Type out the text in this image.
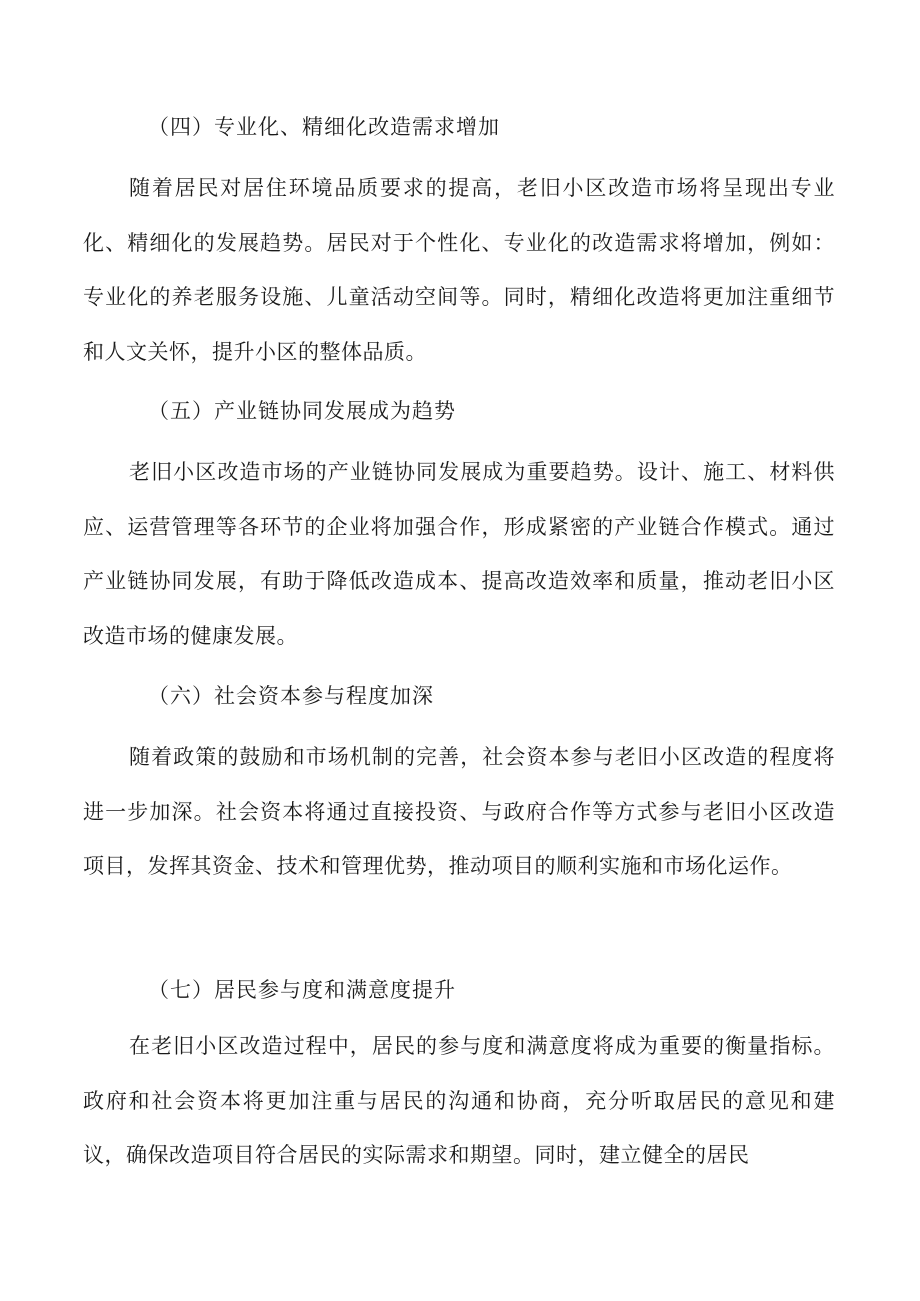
（四）专业化、精细化改造需求增加
随着居民对居住环境品质要求的提高，老旧小区改造市场将呈现出专业化、精细化的发展趋势。居民对于个性化、专业化的改造需求将增加，例如：专业化的养老服务设施、儿童活动空间等。同时，精细化改造将更加注重细节和人文关怀，提升小区的整体品质。
（五）产业链协同发展成为趋势
老旧小区改造市场的产业链协同发展成为重要趋势。设计、施工、材料供应、运营管理等各环节的企业将加强合作，形成紧密的产业链合作模式。通过产业链协同发展，有助于降低改造成本、提高改造效率和质量，推动老旧小区改造市场的健康发展。
（六）社会资本参与程度加深
随着政策的鼓励和市场机制的完善，社会资本参与老旧小区改造的程度将进一步加深。社会资本将通过直接投资、与政府合作等方式参与老旧小区改造项目，发挥其资金、技术和管理优势，推动项目的顺利实施和市场化运作。
（七）居民参与度和满意度提升
在老旧小区改造过程中，居民的参与度和满意度将成为重要的衡量指标。政府和社会资本将更加注重与居民的沟通和协商，充分听取居民的意见和建议，确保改造项目符合居民的实际需求和期望。同时，建立健全的居民
